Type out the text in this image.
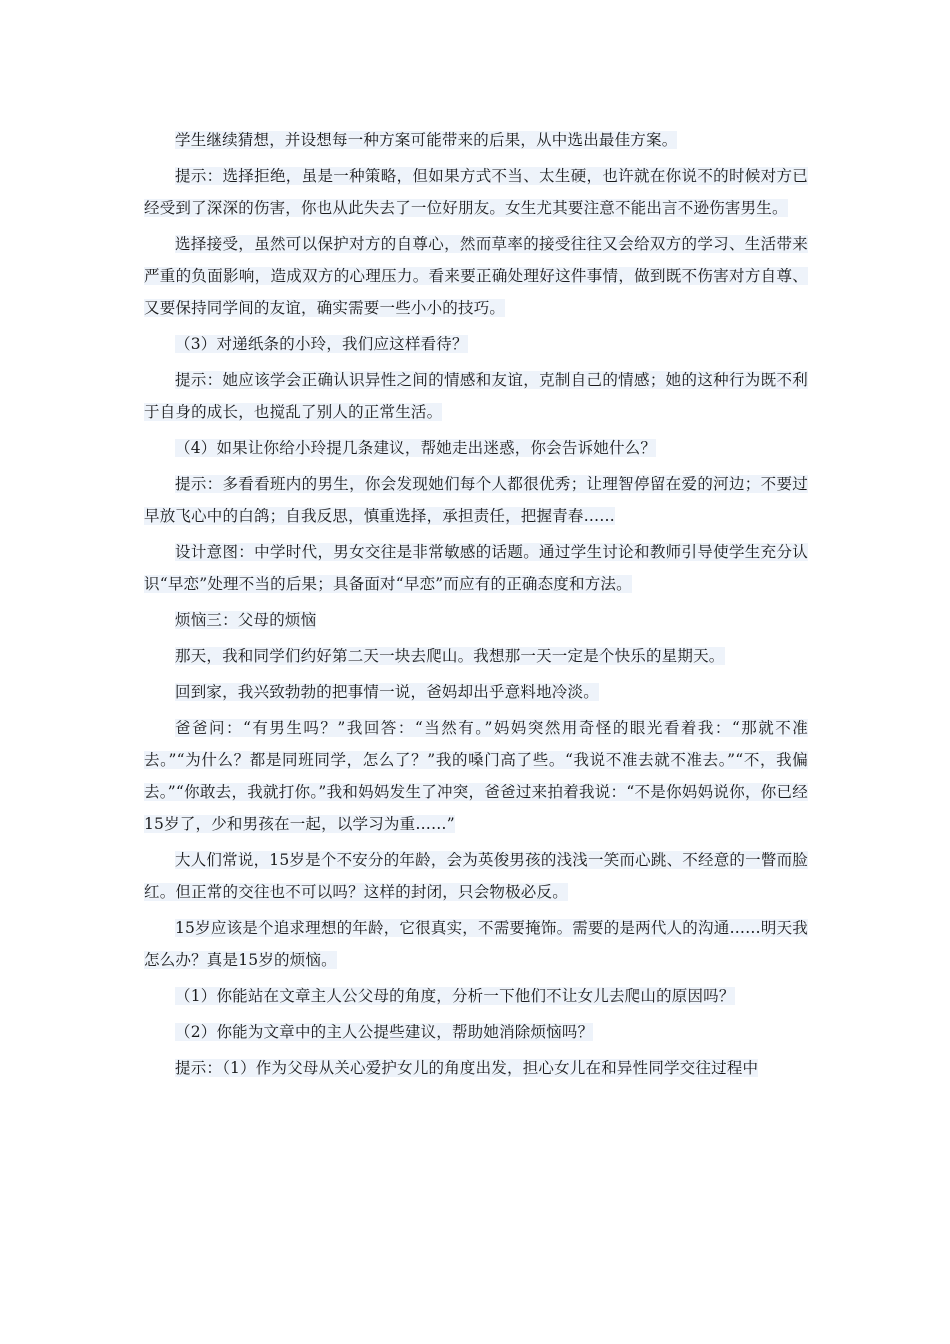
学生继续猜想，并设想每一种方案可能带来的后果，从中选出最佳方案。

提示：选择拒绝，虽是一种策略，但如果方式不当、太生硬，也许就在你说不的时候对方已经受到了深深的伤害，你也从此失去了一位好朋友。女生尤其要注意不能出言不逊伤害男生。

选择接受，虽然可以保护对方的自尊心，然而草率的接受往往又会给双方的学习、生活带来严重的负面影响，造成双方的心理压力。看来要正确处理好这件事情，做到既不伤害对方自尊、又要保持同学间的友谊，确实需要一些小小的技巧。

（3）对递纸条的小玲，我们应这样看待？

提示：她应该学会正确认识异性之间的情感和友谊，克制自己的情感；她的这种行为既不利于自身的成长，也搅乱了别人的正常生活。

（4）如果让你给小玲提几条建议，帮她走出迷惑，你会告诉她什么？

提示：多看看班内的男生，你会发现她们每个人都很优秀；让理智停留在爱的河边；不要过早放飞心中的白鸽；自我反思，慎重选择，承担责任，把握青春……

设计意图：中学时代，男女交往是非常敏感的话题。通过学生讨论和教师引导使学生充分认识“早恋”处理不当的后果；具备面对“早恋”而应有的正确态度和方法。

烦恼三：父母的烦恼

那天，我和同学们约好第二天一块去爬山。我想那一天一定是个快乐的星期天。

回到家，我兴致勃勃的把事情一说，爸妈却出乎意料地冷淡。

爸爸问：“有男生吗？”我回答：“当然有。”妈妈突然用奇怪的眼光看着我：“那就不准去。”“为什么？都是同班同学，怎么了？”我的嗓门高了些。“我说不准去就不准去。”“不，我偏去。”“你敢去，我就打你。”我和妈妈发生了冲突，爸爸过来拍着我说：“不是你妈妈说你，你已经15岁了，少和男孩在一起，以学习为重……”

大人们常说，15岁是个不安分的年龄，会为英俊男孩的浅浅一笑而心跳、不经意的一瞥而脸红。但正常的交往也不可以吗？这样的封闭，只会物极必反。

15岁应该是个追求理想的年龄，它很真实，不需要掩饰。需要的是两代人的沟通……明天我怎么办？真是15岁的烦恼。

（1）你能站在文章主人公父母的角度，分析一下他们不让女儿去爬山的原因吗？

（2）你能为文章中的主人公提些建议，帮助她消除烦恼吗？

提示：（1）作为父母从关心爱护女儿的角度出发，担心女儿在和异性同学交往过程中
